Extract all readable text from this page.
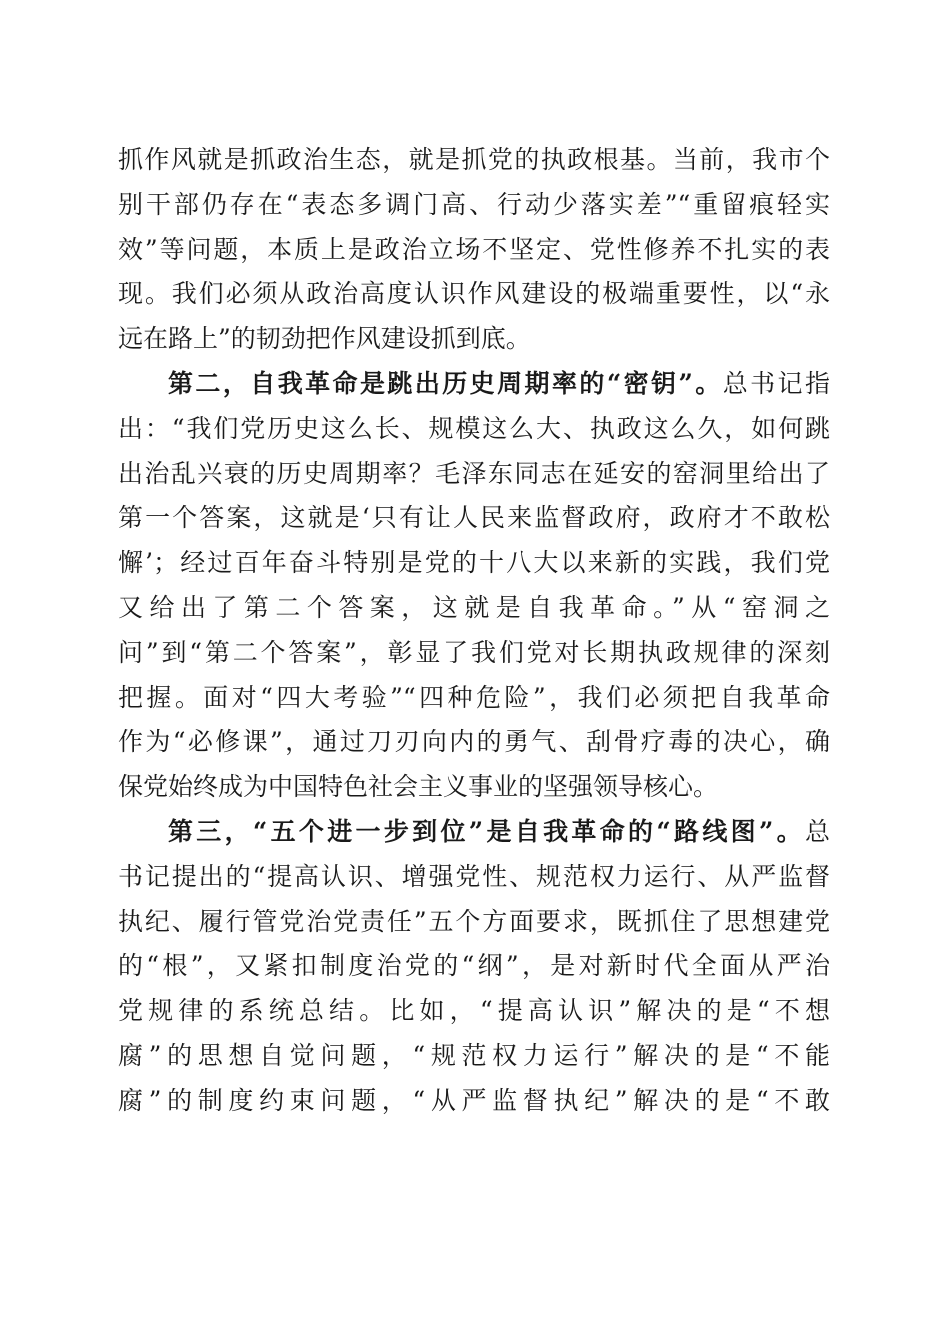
抓作风就是抓政治生态，就是抓党的执政根基。当前，我市个
别干部仍存在“表态多调门高、行动少落实差”“重留痕轻实
效”等问题，本质上是政治立场不坚定、党性修养不扎实的表
现。我们必须从政治高度认识作风建设的极端重要性，以“永
远在路上”的韧劲把作风建设抓到底。
第二，自我革命是跳出历史周期率的“密钥”。总书记指
出：“我们党历史这么长、规模这么大、执政这么久，如何跳
出治乱兴衰的历史周期率？毛泽东同志在延安的窑洞里给出了
第一个答案，这就是‘只有让人民来监督政府，政府才不敢松
懈’；经过百年奋斗特别是党的十八大以来新的实践，我们党
又给出了第二个答案，这就是自我革命。”从“窑洞之
问”到“第二个答案”，彰显了我们党对长期执政规律的深刻
把握。面对“四大考验”“四种危险”，我们必须把自我革命
作为“必修课”，通过刀刃向内的勇气、刮骨疗毒的决心，确
保党始终成为中国特色社会主义事业的坚强领导核心。
第三，“五个进一步到位”是自我革命的“路线图”。总
书记提出的“提高认识、增强党性、规范权力运行、从严监督
执纪、履行管党治党责任”五个方面要求，既抓住了思想建党
的“根”，又紧扣制度治党的“纲”，是对新时代全面从严治
党规律的系统总结。比如，“提高认识”解决的是“不想
腐”的思想自觉问题，“规范权力运行”解决的是“不能
腐”的制度约束问题，“从严监督执纪”解决的是“不敢
